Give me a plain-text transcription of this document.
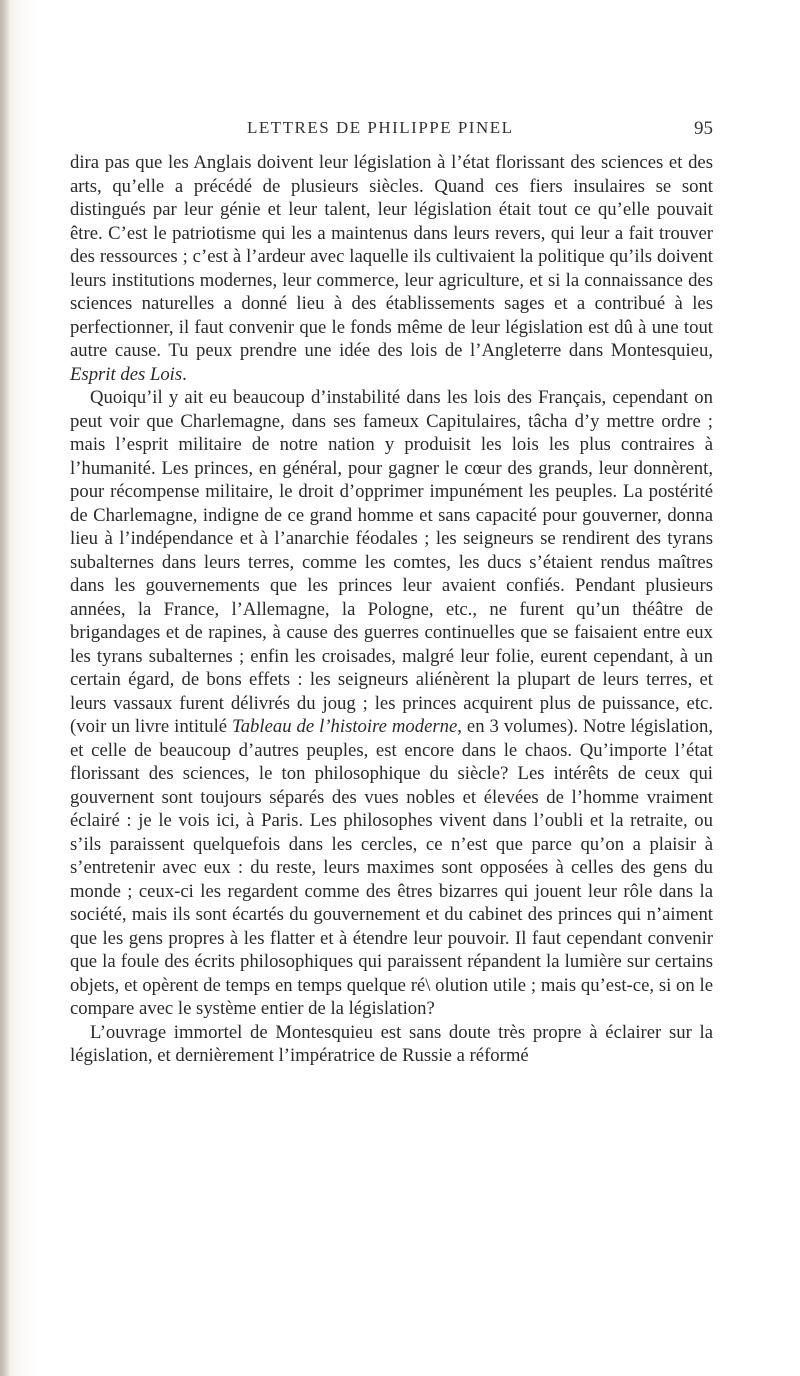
LETTRES DE PHILIPPE PINEL	95

dira pas que les Anglais doivent leur législation à l’état florissant des sciences et des arts, qu’elle a précédé de plusieurs siècles. Quand ces fiers insulaires se sont distingués par leur génie et leur talent, leur législation était tout ce qu’elle pouvait être. C’est le patriotisme qui les a maintenus dans leurs revers, qui leur a fait trouver des ressources ; c’est à l’ardeur avec laquelle ils cultivaient la politique qu’ils doivent leurs institutions modernes, leur commerce, leur agriculture, et si la connaissance des sciences naturelles a donné lieu à des établissements sages et a contribué à les perfectionner, il faut convenir que le fonds même de leur législation est dû à une tout autre cause. Tu peux prendre une idée des lois de l’Angleterre dans Montesquieu, Esprit des Lois.

Quoiqu’il y ait eu beaucoup d’instabilité dans les lois des Français, cependant on peut voir que Charlemagne, dans ses fameux Capitulaires, tâcha d’y mettre ordre ; mais l’esprit militaire de notre nation y produisit les lois les plus contraires à l’humanité. Les princes, en général, pour gagner le cœur des grands, leur donnèrent, pour récompense militaire, le droit d’opprimer impunément les peuples. La postérité de Charlemagne, indigne de ce grand homme et sans capacité pour gouverner, donna lieu à l’indépendance et à l’anarchie féodales ; les seigneurs se rendirent des tyrans subalternes dans leurs terres, comme les comtes, les ducs s’étaient rendus maîtres dans les gouvernements que les princes leur avaient confiés. Pendant plusieurs années, la France, l’Allemagne, la Pologne, etc., ne furent qu’un théâtre de brigandages et de rapines, à cause des guerres continuelles que se faisaient entre eux les tyrans subalternes ; enfin les croisades, malgré leur folie, eurent cependant, à un certain égard, de bons effets : les seigneurs aliénèrent la plupart de leurs terres, et leurs vassaux furent délivrés du joug ; les princes acquirent plus de puissance, etc. (voir un livre intitulé Tableau de l’histoire moderne, en 3 volumes). Notre législation, et celle de beaucoup d’autres peuples, est encore dans le chaos. Qu’importe l’état florissant des sciences, le ton philosophique du siècle? Les intérêts de ceux qui gouvernent sont toujours séparés des vues nobles et élevées de l’homme vraiment éclairé : je le vois ici, à Paris. Les philosophes vivent dans l’oubli et la retraite, ou s’ils paraissent quelquefois dans les cercles, ce n’est que parce qu’on a plaisir à s’entretenir avec eux : du reste, leurs maximes sont opposées à celles des gens du monde ; ceux-ci les regardent comme des êtres bizarres qui jouent leur rôle dans la société, mais ils sont écartés du gouvernement et du cabinet des princes qui n’aiment que les gens propres à les flatter et à étendre leur pouvoir. Il faut cependant convenir que la foule des écrits philosophiques qui paraissent répandent la lumière sur certains objets, et opèrent de temps en temps quelque ré\ olution utile ; mais qu’est-ce, si on le compare avec le système entier de la législation?

L’ouvrage immortel de Montesquieu est sans doute très propre à éclairer sur la législation, et dernièrement l’impératrice de Russie a réformé
